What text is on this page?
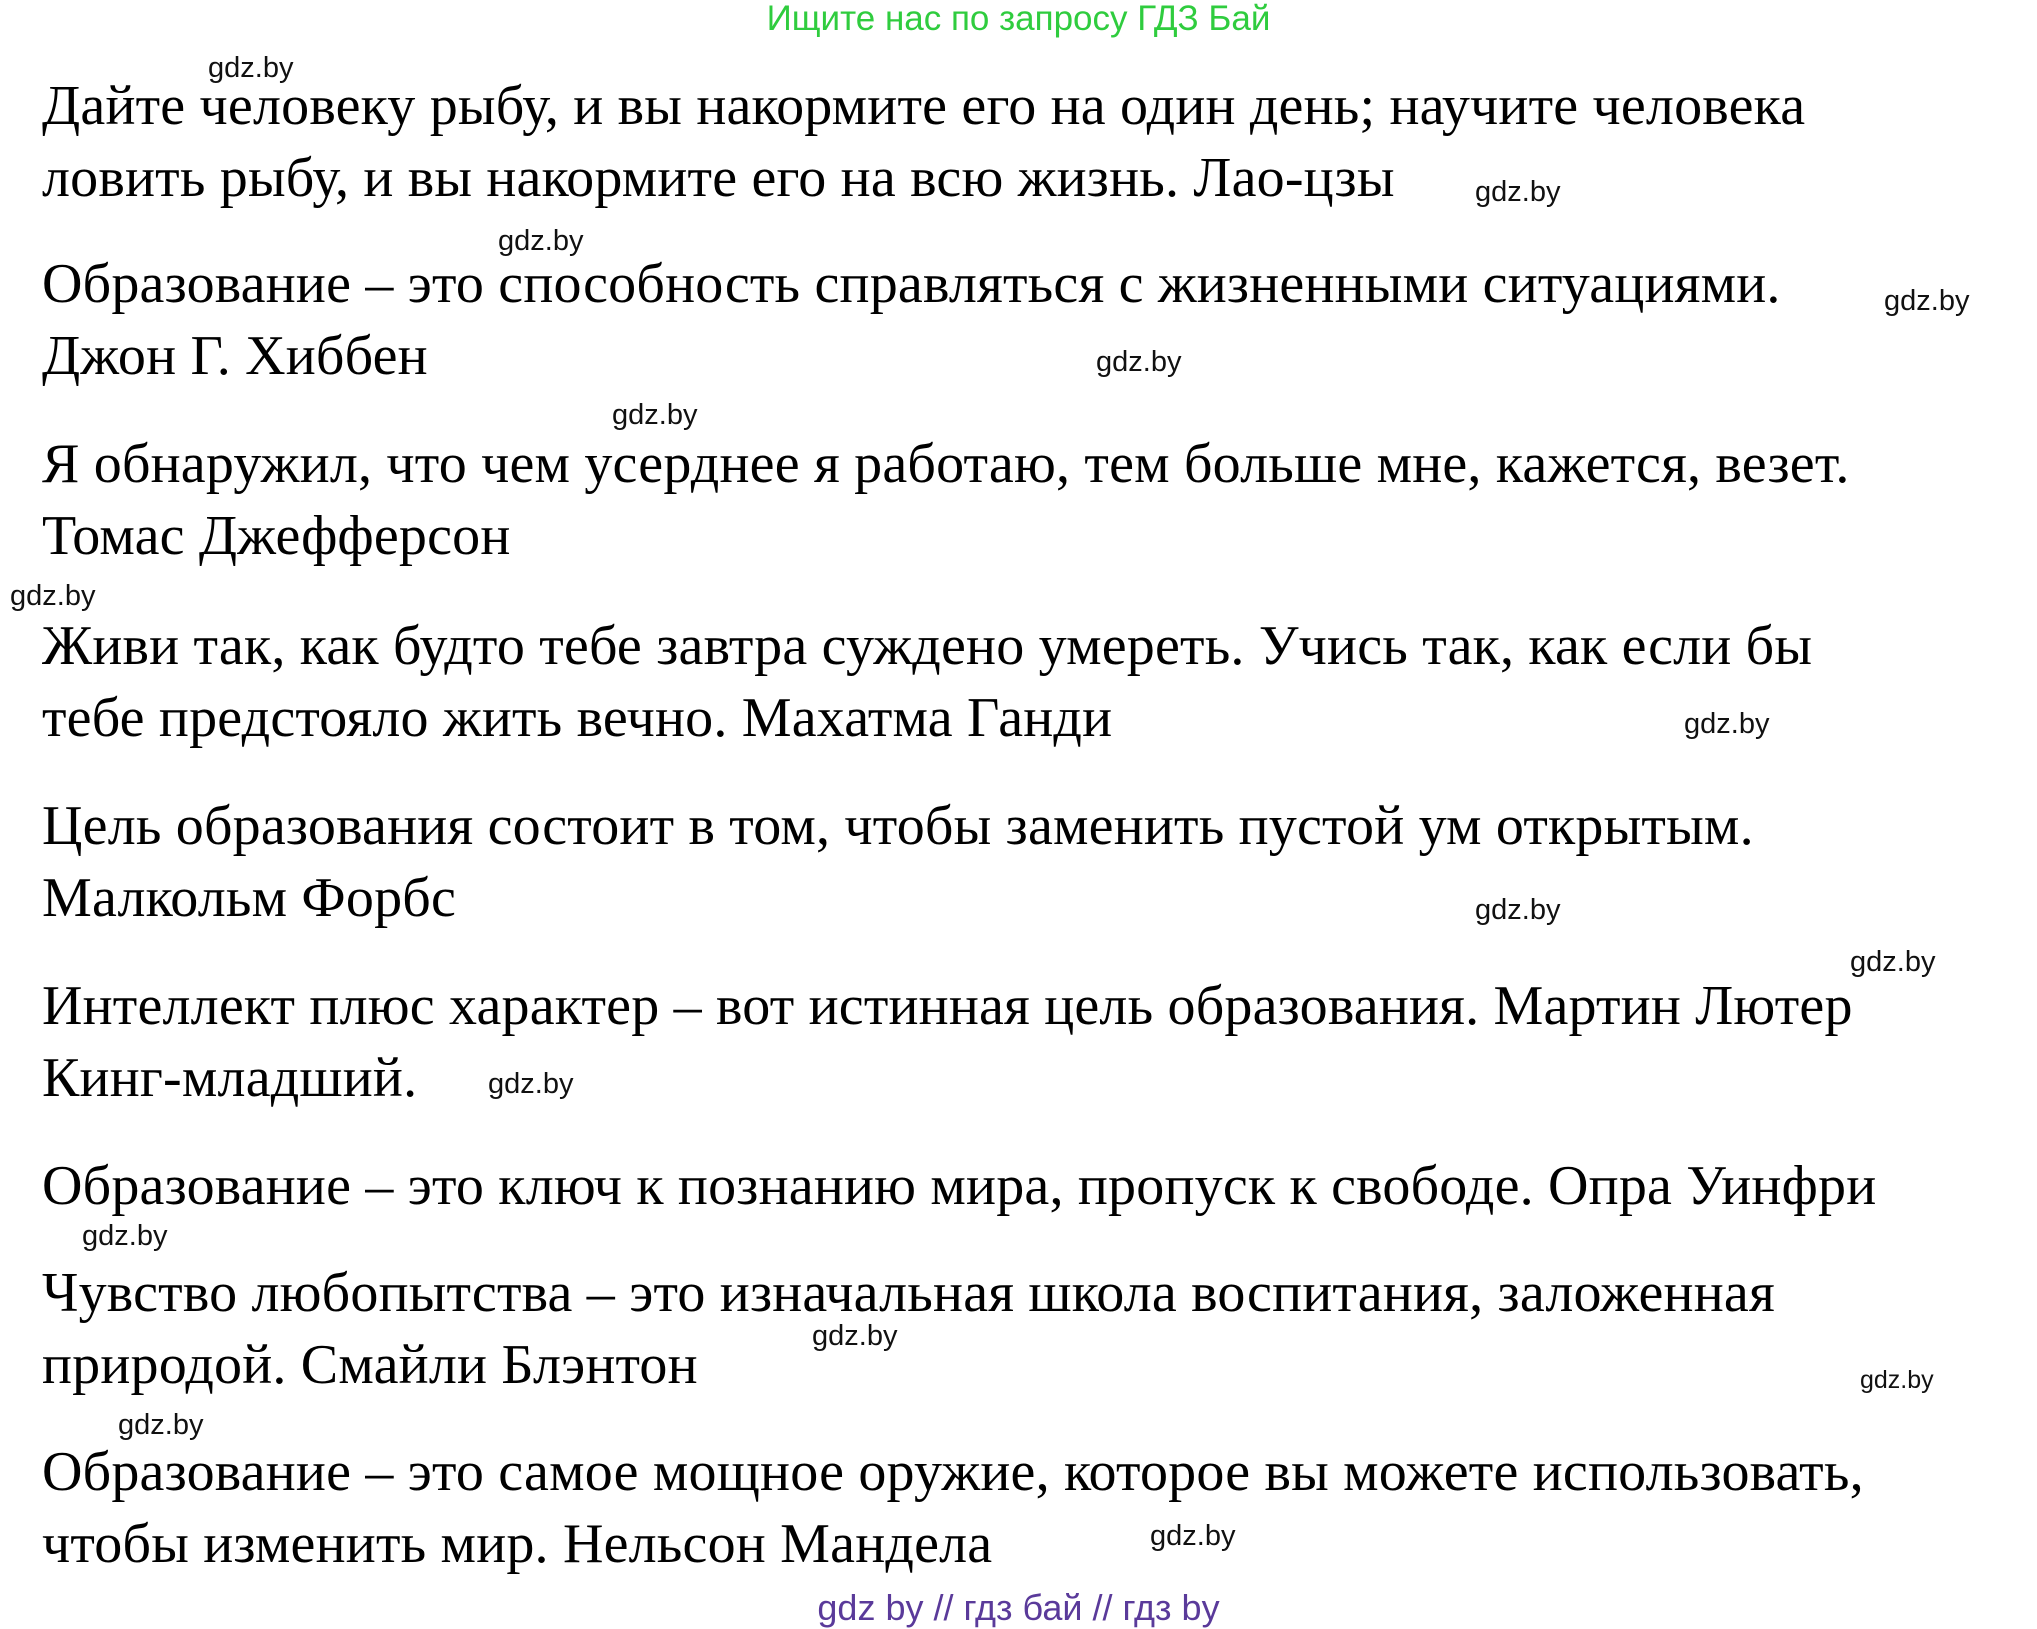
Ищите нас по запросу ГДЗ Бай
Дайте человеку рыбу, и вы накормите его на один день; научите человека
ловить рыбу, и вы накормите его на всю жизнь. Лао-цзы
Образование – это способность справляться с жизненными ситуациями.
Джон Г. Хиббен
Я обнаружил, что чем усерднее я работаю, тем больше мне, кажется, везет.
Томас Джефферсон
Живи так, как будто тебе завтра суждено умереть. Учись так, как если бы
тебе предстояло жить вечно. Махатма Ганди
Цель образования состоит в том, чтобы заменить пустой ум открытым.
Малкольм Форбс
Интеллект плюс характер – вот истинная цель образования. Мартин Лютер
Кинг-младший.
Образование – это ключ к познанию мира, пропуск к свободе. Опра Уинфри
Чувство любопытства – это изначальная школа воспитания, заложенная
природой. Смайли Блэнтон
Образование – это самое мощное оружие, которое вы можете использовать,
чтобы изменить мир. Нельсон Мандела
gdz.by
gdz.by
gdz.by
gdz.by
gdz.by
gdz.by
gdz.by
gdz.by
gdz.by
gdz.by
gdz.by
gdz.by
gdz.by
gdz.by
gdz.by
gdz.by
gdz by // гдз бай // гдз by
